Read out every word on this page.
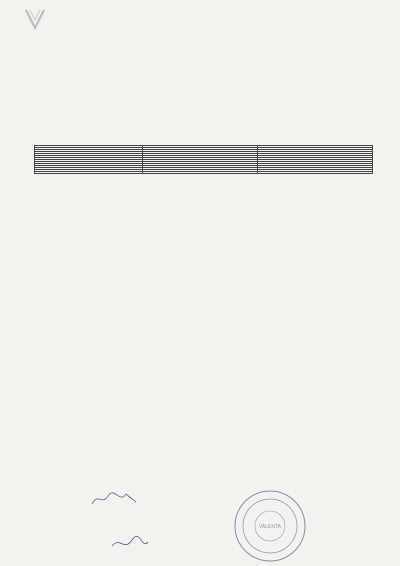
VALENTA
